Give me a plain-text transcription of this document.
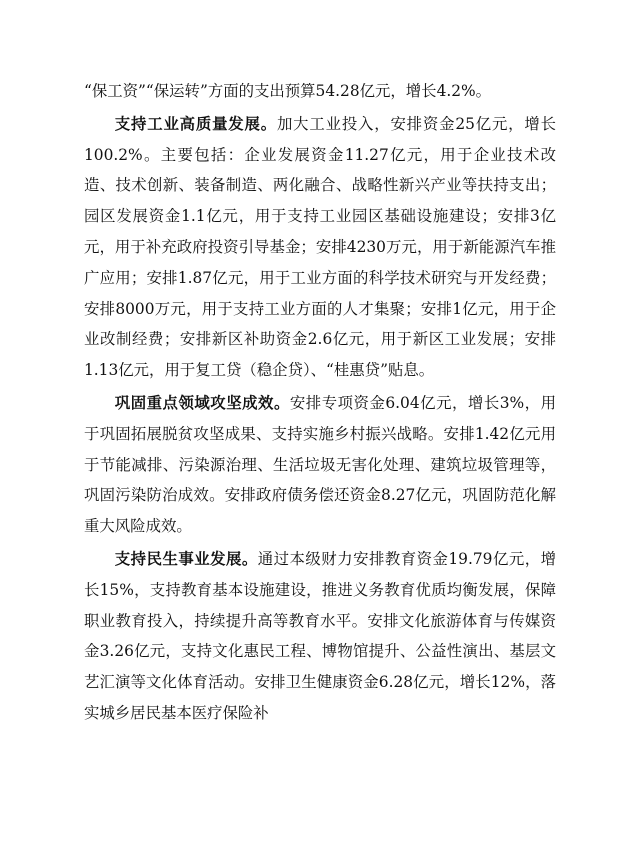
“保工资”“保运转”方面的支出预算54.28亿元，增长4.2%。

支持工业高质量发展。加大工业投入，安排资金25亿元，增长100.2%。主要包括：企业发展资金11.27亿元，用于企业技术改造、技术创新、装备制造、两化融合、战略性新兴产业等扶持支出；园区发展资金1.1亿元，用于支持工业园区基础设施建设；安排3亿元，用于补充政府投资引导基金；安排4230万元，用于新能源汽车推广应用；安排1.87亿元，用于工业方面的科学技术研究与开发经费；安排8000万元，用于支持工业方面的人才集聚；安排1亿元，用于企业改制经费；安排新区补助资金2.6亿元，用于新区工业发展；安排1.13亿元，用于复工贷（稳企贷）、“桂惠贷”贴息。

巩固重点领域攻坚成效。安排专项资金6.04亿元，增长3%，用于巩固拓展脱贫攻坚成果、支持实施乡村振兴战略。安排1.42亿元用于节能减排、污染源治理、生活垃圾无害化处理、建筑垃圾管理等，巩固污染防治成效。安排政府债务偿还资金8.27亿元，巩固防范化解重大风险成效。

支持民生事业发展。通过本级财力安排教育资金19.79亿元，增长15%，支持教育基本设施建设，推进义务教育优质均衡发展，保障职业教育投入，持续提升高等教育水平。安排文化旅游体育与传媒资金3.26亿元，支持文化惠民工程、博物馆提升、公益性演出、基层文艺汇演等文化体育活动。安排卫生健康资金6.28亿元，增长12%，落实城乡居民基本医疗保险补
